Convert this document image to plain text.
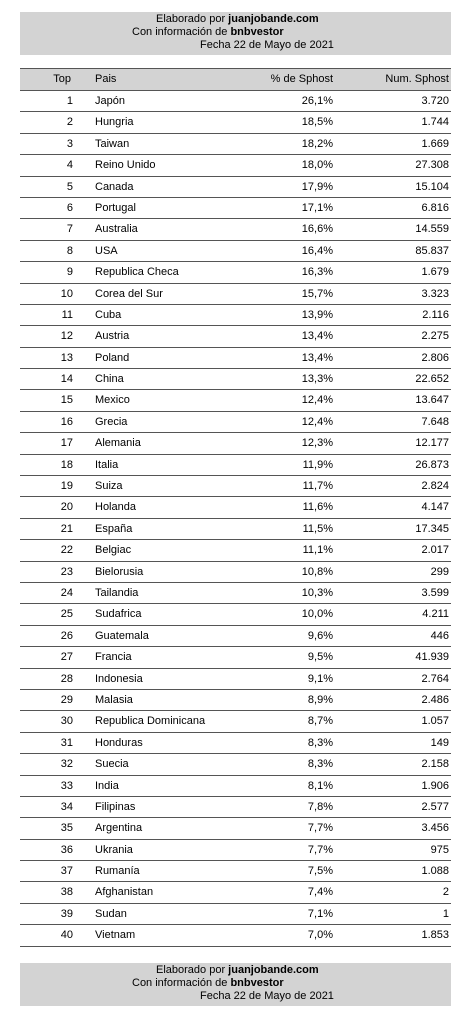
Elaborado por juanjobande.com
Con información de bnbvestor
Fecha 22 de Mayo de 2021
Top Pais	% de Sphost	Num. Sphost
1 Japón	26,1%	3.720
2 Hungria	18,5%	1.744
3 Taiwan	18,2%	1.669
4 Reino Unido	18,0%	27.308
5 Canada	17,9%	15.104
6 Portugal	17,1%	6.816
7 Australia	16,6%	14.559
8 USA	16,4%	85.837
9 Republica Checa	16,3%	1.679
10 Corea del Sur	15,7%	3.323
11 Cuba	13,9%	2.116
12 Austria	13,4%	2.275
13 Poland	13,4%	2.806
14 China	13,3%	22.652
15 Mexico	12,4%	13.647
16 Grecia	12,4%	7.648
17 Alemania	12,3%	12.177
18 Italia	11,9%	26.873
19 Suiza	11,7%	2.824
20 Holanda	11,6%	4.147
21 España	11,5%	17.345
22 Belgiac	11,1%	2.017
23 Bielorusia	10,8%	299
24 Tailandia	10,3%	3.599
25 Sudafrica	10,0%	4.211
26 Guatemala	9,6%	446
27 Francia	9,5%	41.939
28 Indonesia	9,1%	2.764
29 Malasia	8,9%	2.486
30 Republica Dominicana	8,7%	1.057
31 Honduras	8,3%	149
32 Suecia	8,3%	2.158
33 India	8,1%	1.906
34 Filipinas	7,8%	2.577
35 Argentina	7,7%	3.456
36 Ukrania	7,7%	975
37 Rumanía	7,5%	1.088
38 Afghanistan	7,4%	2
39 Sudan	7,1%	1
40 Vietnam	7,0%	1.853
Elaborado por juanjobande.com
Con información de bnbvestor
Fecha 22 de Mayo de 2021
